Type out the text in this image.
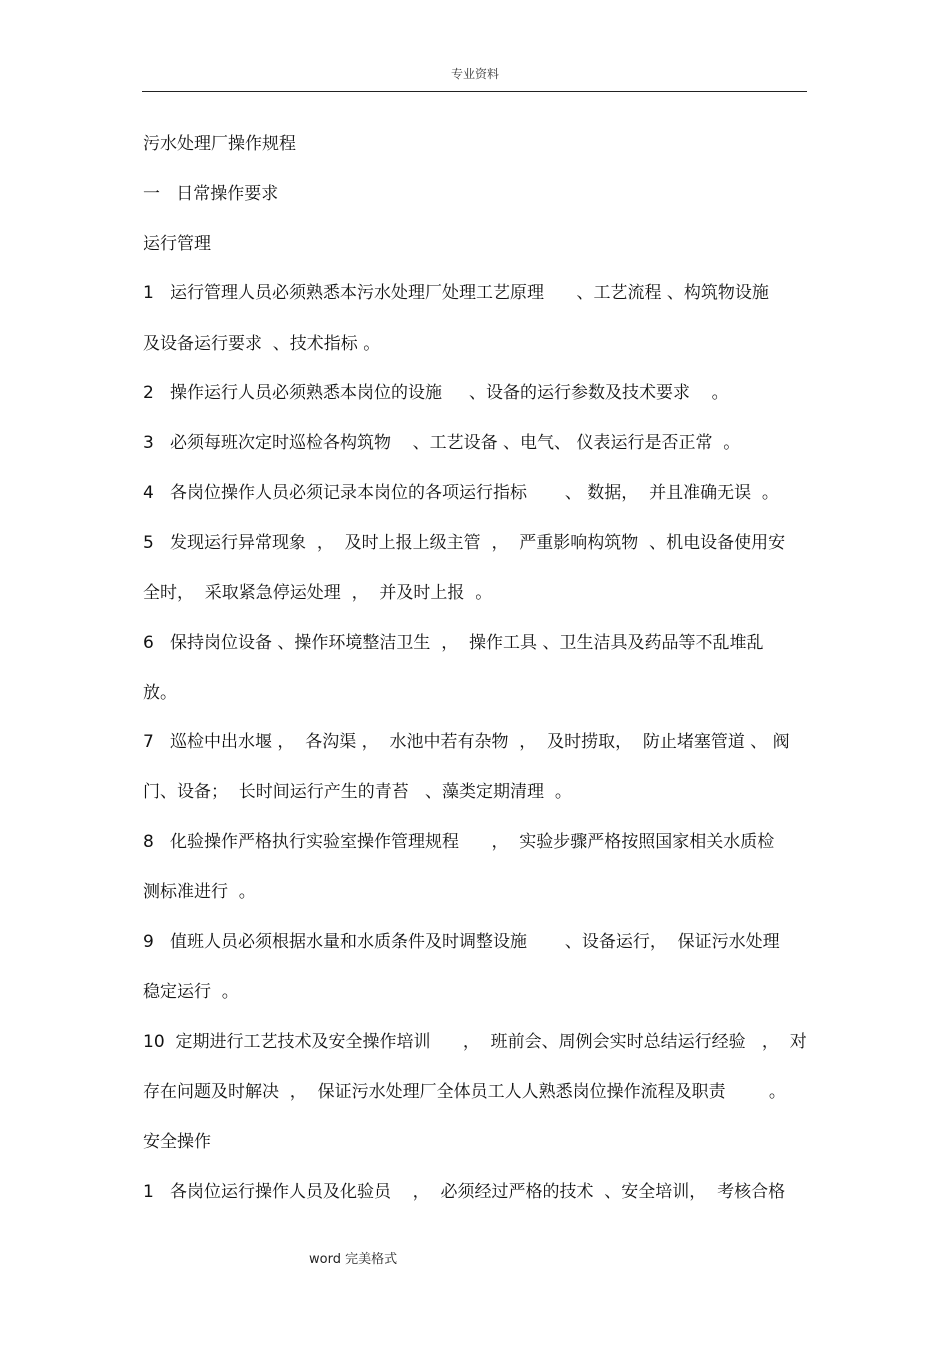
专业资料
污水处理厂操作规程
一   日常操作要求
运行管理
1   运行管理人员必须熟悉本污水处理厂处理工艺原理      、工艺流程 、构筑物设施
及设备运行要求  、技术指标 。
2   操作运行人员必须熟悉本岗位的设施     、设备的运行参数及技术要求    。
3   必须每班次定时巡检各构筑物    、工艺设备 、电气、 仪表运行是否正常  。
4   各岗位操作人员必须记录本岗位的各项运行指标       、 数据，  并且准确无误  。
5   发现运行异常现象  ，  及时上报上级主管  ，  严重影响构筑物  、机电设备使用安
全时，  采取紧急停运处理  ，  并及时上报  。
6   保持岗位设备 、操作环境整洁卫生  ，  操作工具 、卫生洁具及药品等不乱堆乱
放。
7   巡检中出水堰 ，  各沟渠 ，  水池中若有杂物  ，  及时捞取，  防止堵塞管道 、 阀
门、设备；  长时间运行产生的青苔   、藻类定期清理  。
8   化验操作严格执行实验室操作管理规程      ，  实验步骤严格按照国家相关水质检
测标准进行  。
9   值班人员必须根据水量和水质条件及时调整设施       、设备运行，  保证污水处理
稳定运行  。
10  定期进行工艺技术及安全操作培训      ，  班前会、周例会实时总结运行经验   ，  对
存在问题及时解决  ，  保证污水处理厂全体员工人人熟悉岗位操作流程及职责        。
安全操作
1   各岗位运行操作人员及化验员    ，  必须经过严格的技术  、安全培训，  考核合格
word 完美格式
